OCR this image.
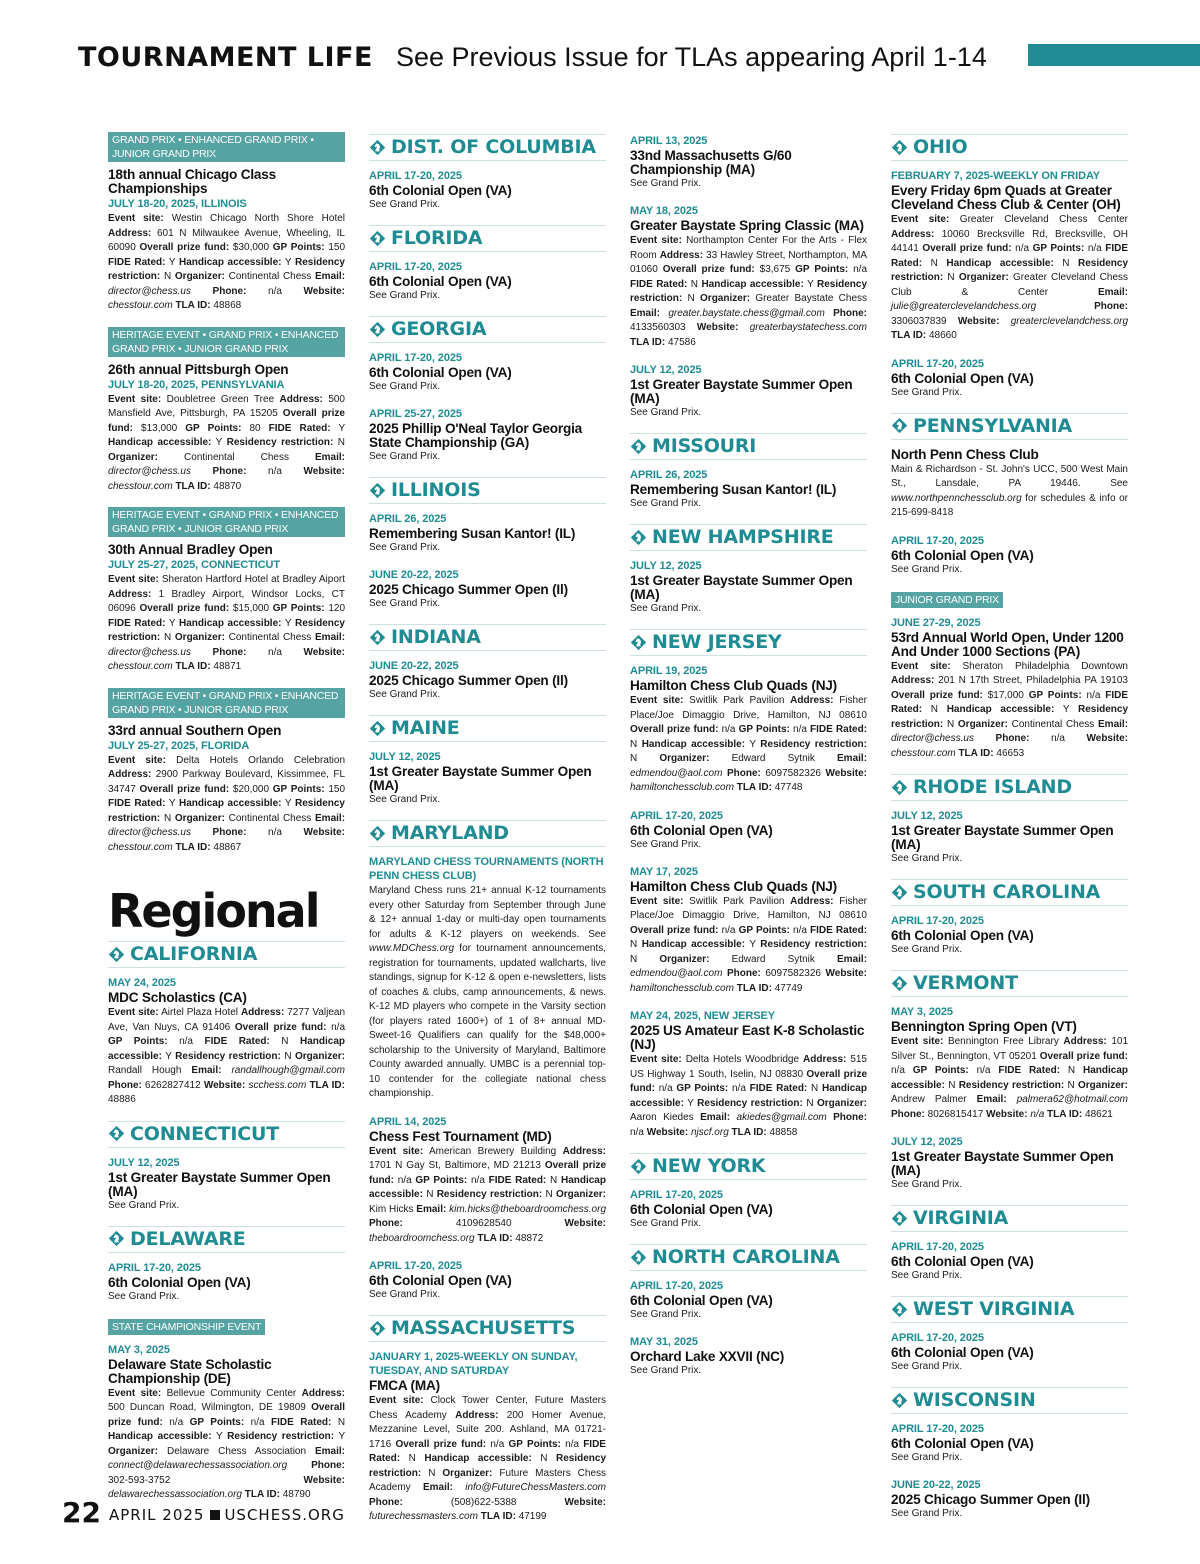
TOURNAMENT LIFE See Previous Issue for TLAs appearing April 1-14
GRAND PRIX • ENHANCED GRAND PRIX • JUNIOR GRAND PRIX
18th annual Chicago Class Championships
JULY 18-20, 2025, ILLINOIS
Event site: Westin Chicago North Shore Hotel Address: 601 N Milwaukee Avenue, Wheeling, IL 60090 Overall prize fund: $30,000 GP Points: 150 FIDE Rated: Y Handicap accessible: Y Residency restriction: N Organizer: Continental Chess Email: director@chess.us Phone: n/a Website: chesstour.com TLA ID: 48868
HERITAGE EVENT • GRAND PRIX • ENHANCED GRAND PRIX • JUNIOR GRAND PRIX
26th annual Pittsburgh Open
JULY 18-20, 2025, PENNSYLVANIA
Event site: Doubletree Green Tree Address: 500 Mansfield Ave, Pittsburgh, PA 15205 Overall prize fund: $13,000 GP Points: 80 FIDE Rated: Y Handicap accessible: Y Residency restriction: N Organizer:	Continental Chess	Email: director@chess.us Phone: n/a Website: chesstour.com TLA ID: 48870
HERITAGE EVENT • GRAND PRIX • ENHANCED GRAND PRIX • JUNIOR GRAND PRIX
30th Annual Bradley Open
JULY 25-27, 2025, CONNECTICUT
Event site: Sheraton Hartford Hotel at Bradley Aiport Address: 1 Bradley Airport, Windsor Locks, CT 06096 Overall prize fund: $15,000 GP Points: 120 FIDE Rated: Y Handicap accessible: Y Residency restriction: N Organizer: Continental Chess Email: director@chess.us Phone: n/a Website: chesstour.com TLA ID: 48871
HERITAGE EVENT • GRAND PRIX • ENHANCED GRAND PRIX • JUNIOR GRAND PRIX
33rd annual Southern Open
JULY 25-27, 2025, FLORIDA
Event site: Delta Hotels Orlando Celebration Address: 2900 Parkway Boulevard, Kissimmee, FL 34747 Overall prize fund: $20,000 GP Points: 150 FIDE Rated: Y Handicap accessible: Y Residency restriction: N Organizer: Continental Chess Email: director@chess.us Phone: n/a Website: chesstour.com TLA ID: 48867
Regional
CALIFORNIA
MAY 24, 2025
MDC Scholastics (CA)
Event site: Airtel Plaza Hotel Address: 7277 Valjean Ave, Van Nuys, CA 91406 Overall prize fund: n/a GP Points: n/a FIDE Rated: N Handicap accessible: Y Residency restriction: N Organizer: Randall Hough Email: randallhough@gmail.com Phone: 6262827412 Website: scchess.com TLA ID: 48886
CONNECTICUT
JULY 12, 2025
1st Greater Baystate Summer Open (MA)
See Grand Prix.
DELAWARE
APRIL 17-20, 2025
6th Colonial Open (VA)
See Grand Prix.
STATE CHAMPIONSHIP EVENT
MAY 3, 2025
Delaware State Scholastic Championship (DE)
Event site: Bellevue Community Center Address: 500 Duncan Road, Wilmington, DE 19809 Overall prize fund: n/a GP Points: n/a FIDE Rated: N Handicap accessible: Y Residency restriction: Y Organizer: Delaware Chess Association Email: connect@delawarechessassociation.org Phone: 302-593-3752	Website: delawarechessassociation.org TLA ID: 48790
DIST. OF COLUMBIA
APRIL 17-20, 2025
6th Colonial Open (VA)
See Grand Prix.
FLORIDA
APRIL 17-20, 2025
6th Colonial Open (VA)
See Grand Prix.
GEORGIA
APRIL 17-20, 2025
6th Colonial Open (VA)
See Grand Prix.
APRIL 25-27, 2025
2025 Phillip O'Neal Taylor Georgia State Championship (GA)
See Grand Prix.
ILLINOIS
APRIL 26, 2025
Remembering Susan Kantor! (IL)
See Grand Prix.
JUNE 20-22, 2025
2025 Chicago Summer Open (Il)
See Grand Prix.
INDIANA
JUNE 20-22, 2025
2025 Chicago Summer Open (Il)
See Grand Prix.
MAINE
JULY 12, 2025
1st Greater Baystate Summer Open (MA)
See Grand Prix.
MARYLAND
MARYLAND CHESS TOURNAMENTS (NORTH PENN CHESS CLUB)
Maryland Chess runs 21+ annual K-12 tournaments every other Saturday from September through June & 12+ annual 1-day or multi-day open tournaments for adults & K-12 players on weekends. See www.MDChess.org for tournament announcements, registration for tournaments, updated wallcharts, live standings, signup for K-12 & open e-newsletters, lists of coaches & clubs, camp announcements, & news. K-12 MD players who compete in the Varsity section (for players rated 1600+) of 1 of 8+ annual MD-Sweet-16 Qualifiers can qualify for the $48,000+ scholarship to the University of Maryland, Baltimore County awarded annually. UMBC is a perennial top-10 contender for the collegiate national chess championship.
APRIL 14, 2025
Chess Fest Tournament (MD)
Event site: American Brewery Building Address: 1701 N Gay St, Baltimore, MD 21213 Overall prize fund: n/a GP Points: n/a FIDE Rated: N Handicap accessible: N Residency restriction: N Organizer: Kim Hicks Email: kim.hicks@theboardroomchess.org Phone:	4109628540	Website: theboardroomchess.org TLA ID: 48872
APRIL 17-20, 2025
6th Colonial Open (VA)
See Grand Prix.
MASSACHUSETTS
JANUARY 1, 2025-WEEKLY ON SUNDAY, TUESDAY, AND SATURDAY
FMCA (MA)
Event site: Clock Tower Center, Future Masters Chess Academy Address: 200 Homer Avenue, Mezzanine Level, Suite 200. Ashland, MA 01721-1716 Overall prize fund: n/a GP Points: n/a FIDE Rated: N Handicap accessible: N Residency restriction: N Organizer: Future Masters Chess Academy Email: info@FutureChessMasters.com Phone:	(508)622-5388	Website: futurechessmasters.com TLA ID: 47199
APRIL 13, 2025
33nd Massachusetts G/60 Championship (MA)
See Grand Prix.
MAY 18, 2025
Greater Baystate Spring Classic (MA)
Event site: Northampton Center For the Arts - Flex Room Address: 33 Hawley Street, Northampton, MA 01060 Overall prize fund: $3,675 GP Points: n/a FIDE Rated: N Handicap accessible: Y Residency restriction: N Organizer: Greater Baystate Chess Email: greater.baystate.chess@gmail.com Phone: 4133560303 Website: greaterbaystatechess.com TLA ID: 47586
JULY 12, 2025
1st Greater Baystate Summer Open (MA)
See Grand Prix.
MISSOURI
APRIL 26, 2025
Remembering Susan Kantor! (IL)
See Grand Prix.
NEW HAMPSHIRE
JULY 12, 2025
1st Greater Baystate Summer Open (MA)
See Grand Prix.
NEW JERSEY
APRIL 19, 2025
Hamilton Chess Club Quads (NJ)
Event site: Switlik Park Pavilion Address: Fisher Place/Joe Dimaggio Drive, Hamilton, NJ 08610 Overall prize fund: n/a GP Points: n/a FIDE Rated: N Handicap accessible: Y Residency restriction: N Organizer: Edward Sytnik Email: edmendou@aol.com Phone: 6097582326 Website: hamiltonchessclub.com TLA ID: 47748
APRIL 17-20, 2025
6th Colonial Open (VA)
See Grand Prix.
MAY 17, 2025
Hamilton Chess Club Quads (NJ)
Event site: Switlik Park Pavilion Address: Fisher Place/Joe Dimaggio Drive, Hamilton, NJ 08610 Overall prize fund: n/a GP Points: n/a FIDE Rated: N Handicap accessible: Y Residency restriction: N Organizer: Edward Sytnik Email: edmendou@aol.com Phone: 6097582326 Website: hamiltonchessclub.com TLA ID: 47749
MAY 24, 2025, NEW JERSEY
2025 US Amateur East K-8 Scholastic (NJ)
Event site: Delta Hotels Woodbridge Address: 515 US Highway 1 South, Iselin, NJ 08830 Overall prize fund: n/a GP Points: n/a FIDE Rated: N Handicap accessible: Y Residency restriction: N Organizer: Aaron Kiedes Email: akiedes@gmail.com Phone: n/a Website: njscf.org TLA ID: 48858
NEW YORK
APRIL 17-20, 2025
6th Colonial Open (VA)
See Grand Prix.
NORTH CAROLINA
APRIL 17-20, 2025
6th Colonial Open (VA)
See Grand Prix.
MAY 31, 2025
Orchard Lake XXVII (NC)
See Grand Prix.
OHIO
FEBRUARY 7, 2025-WEEKLY ON FRIDAY
Every Friday 6pm Quads at Greater Cleveland Chess Club & Center (OH)
Event site: Greater Cleveland Chess Center Address: 10060 Brecksville Rd, Brecksville, OH 44141 Overall prize fund: n/a GP Points: n/a FIDE Rated: N Handicap accessible: N Residency restriction: N Organizer: Greater Cleveland Chess Club & Center	Email: julie@greaterclevelandchess.org	Phone: 3306037839 Website: greaterclevelandchess.org TLA ID: 48660
APRIL 17-20, 2025
6th Colonial Open (VA)
See Grand Prix.
PENNSYLVANIA
North Penn Chess Club
Main & Richardson - St. John's UCC, 500 West Main St., Lansdale, PA 19446. See www.northpennchessclub.org for schedules & info or 215-699-8418
APRIL 17-20, 2025
6th Colonial Open (VA)
See Grand Prix.
JUNIOR GRAND PRIX
JUNE 27-29, 2025
53rd Annual World Open, Under 1200 And Under 1000 Sections (PA)
Event site: Sheraton Philadelphia Downtown Address: 201 N 17th Street, Philadelphia PA 19103 Overall prize fund: $17,000 GP Points: n/a FIDE Rated: N Handicap accessible: Y Residency restriction: N Organizer: Continental Chess Email: director@chess.us Phone: n/a Website: chesstour.com TLA ID: 46653
RHODE ISLAND
JULY 12, 2025
1st Greater Baystate Summer Open (MA)
See Grand Prix.
SOUTH CAROLINA
APRIL 17-20, 2025
6th Colonial Open (VA)
See Grand Prix.
VERMONT
MAY 3, 2025
Bennington Spring Open (VT)
Event site: Bennington Free Library Address: 101 Silver St., Bennington, VT 05201 Overall prize fund: n/a GP Points: n/a FIDE Rated: N Handicap accessible: N Residency restriction: N Organizer: Andrew Palmer Email: palmera62@hotmail.com Phone: 8026815417 Website: n/a TLA ID: 48621
JULY 12, 2025
1st Greater Baystate Summer Open (MA)
See Grand Prix.
VIRGINIA
APRIL 17-20, 2025
6th Colonial Open (VA)
See Grand Prix.
WEST VIRGINIA
APRIL 17-20, 2025
6th Colonial Open (VA)
See Grand Prix.
WISCONSIN
APRIL 17-20, 2025
6th Colonial Open (VA)
See Grand Prix.
JUNE 20-22, 2025
2025 Chicago Summer Open (Il)
See Grand Prix.
22 APRIL 2025 USCHESS.ORG
